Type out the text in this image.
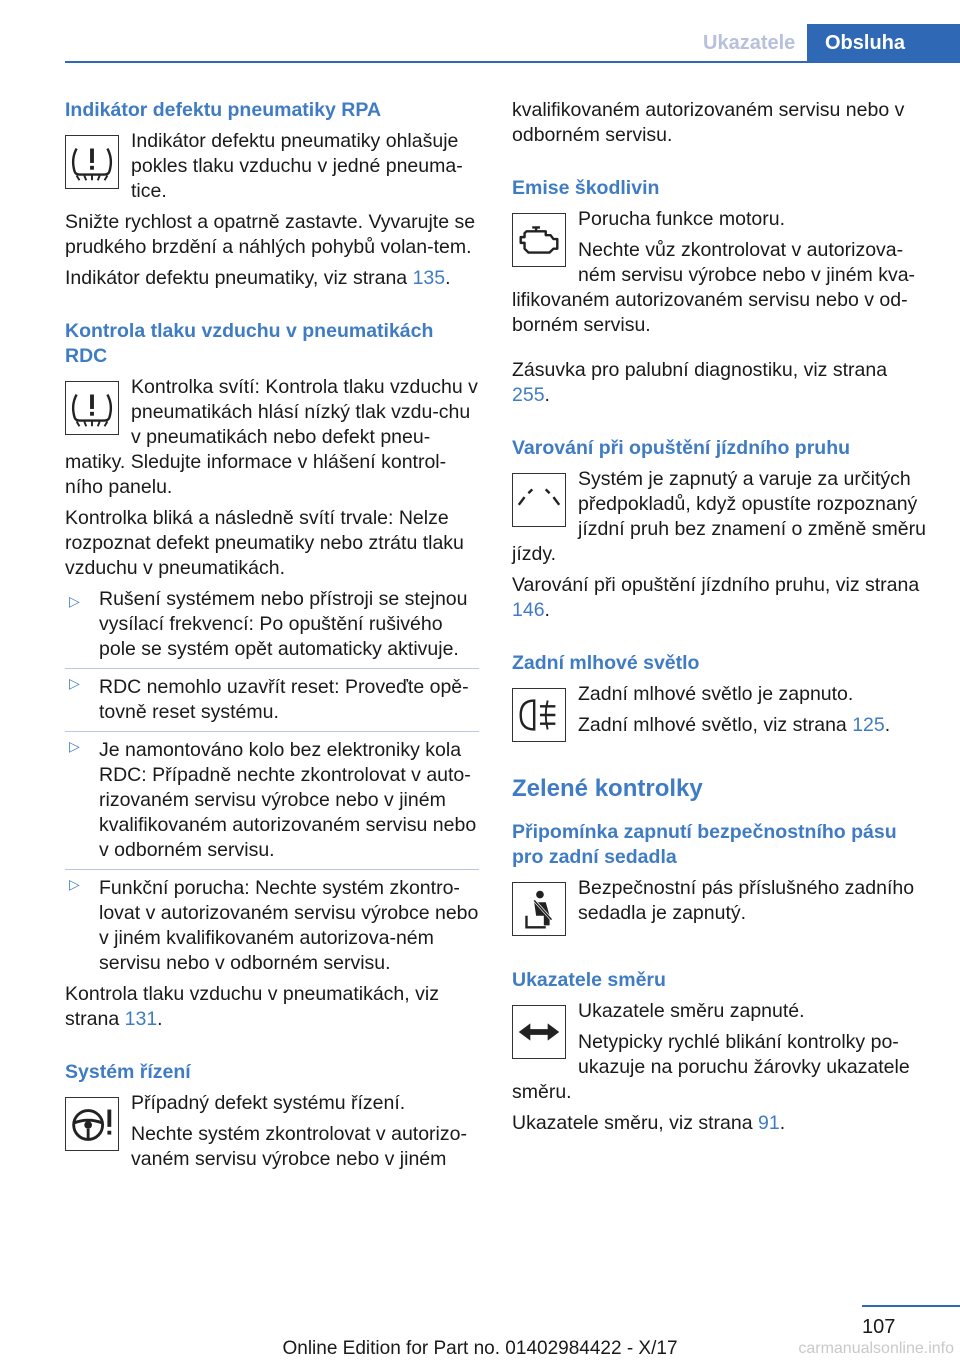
Ukazatele	Obsluha
Indikátor defektu pneumatiky RPA

Indikátor defektu pneumatiky ohlašuje pokles tlaku vzduchu v jedné pneuma-tice.

Snižte rychlost a opatrně zastavte. Vyvarujte se prudkého brzdění a náhlých pohybů volan-tem.

Indikátor defektu pneumatiky, viz strana 135.

Kontrola tlaku vzduchu v pneumatikách RDC

Kontrolka svítí: Kontrola tlaku vzduchu v pneumatikách hlásí nízký tlak vzdu-chu v pneumatikách nebo defekt pneu-matiky. Sledujte informace v hlášení kontrol-ního panelu.

Kontrolka bliká a následně svítí trvale: Nelze rozpoznat defekt pneumatiky nebo ztrátu tlaku vzduchu v pneumatikách.

▷ Rušení systémem nebo přístroji se stejnou vysílací frekvencí: Po opuštění rušivého pole se systém opět automaticky aktivuje.
▷ RDC nemohlo uzavřít reset: Proveďte opě-tovně reset systému.
▷ Je namontováno kolo bez elektroniky kola RDC: Případně nechte zkontrolovat v auto-rizovaném servisu výrobce nebo v jiném kvalifikovaném autorizovaném servisu nebo v odborném servisu.
▷ Funkční porucha: Nechte systém zkontro-lovat v autorizovaném servisu výrobce nebo v jiném kvalifikovaném autorizova-ném servisu nebo v odborném servisu.

Kontrola tlaku vzduchu v pneumatikách, viz strana 131.

Systém řízení

Případný defekt systému řízení.

Nechte systém zkontrolovat v autorizo-vaném servisu výrobce nebo v jiném

kvalifikovaném autorizovaném servisu nebo v odborném servisu.

Emise škodlivin

Porucha funkce motoru.

Nechte vůz zkontrolovat v autorizova-ném servisu výrobce nebo v jiném kva-lifikovaném autorizovaném servisu nebo v od-borném servisu.

Zásuvka pro palubní diagnostiku, viz strana 255.

Varování při opuštění jízdního pruhu

Systém je zapnutý a varuje za určitých předpokladů, když opustíte rozpoznaný jízdní pruh bez znamení o změně směru jízdy.

Varování při opuštění jízdního pruhu, viz strana 146.

Zadní mlhové světlo

Zadní mlhové světlo je zapnuto.

Zadní mlhové světlo, viz strana 125.

Zelené kontrolky
Připomínka zapnutí bezpečnostního pásu pro zadní sedadla

Bezpečnostní pás příslušného zadního sedadla je zapnutý.

Ukazatele směru

Ukazatele směru zapnuté.

Netypicky rychlé blikání kontrolky po-ukazuje na poruchu žárovky ukazatele směru.

Ukazatele směru, viz strana 91.

107
Online Edition for Part no. 01402984422 - X/17	carmanualsonline.info
